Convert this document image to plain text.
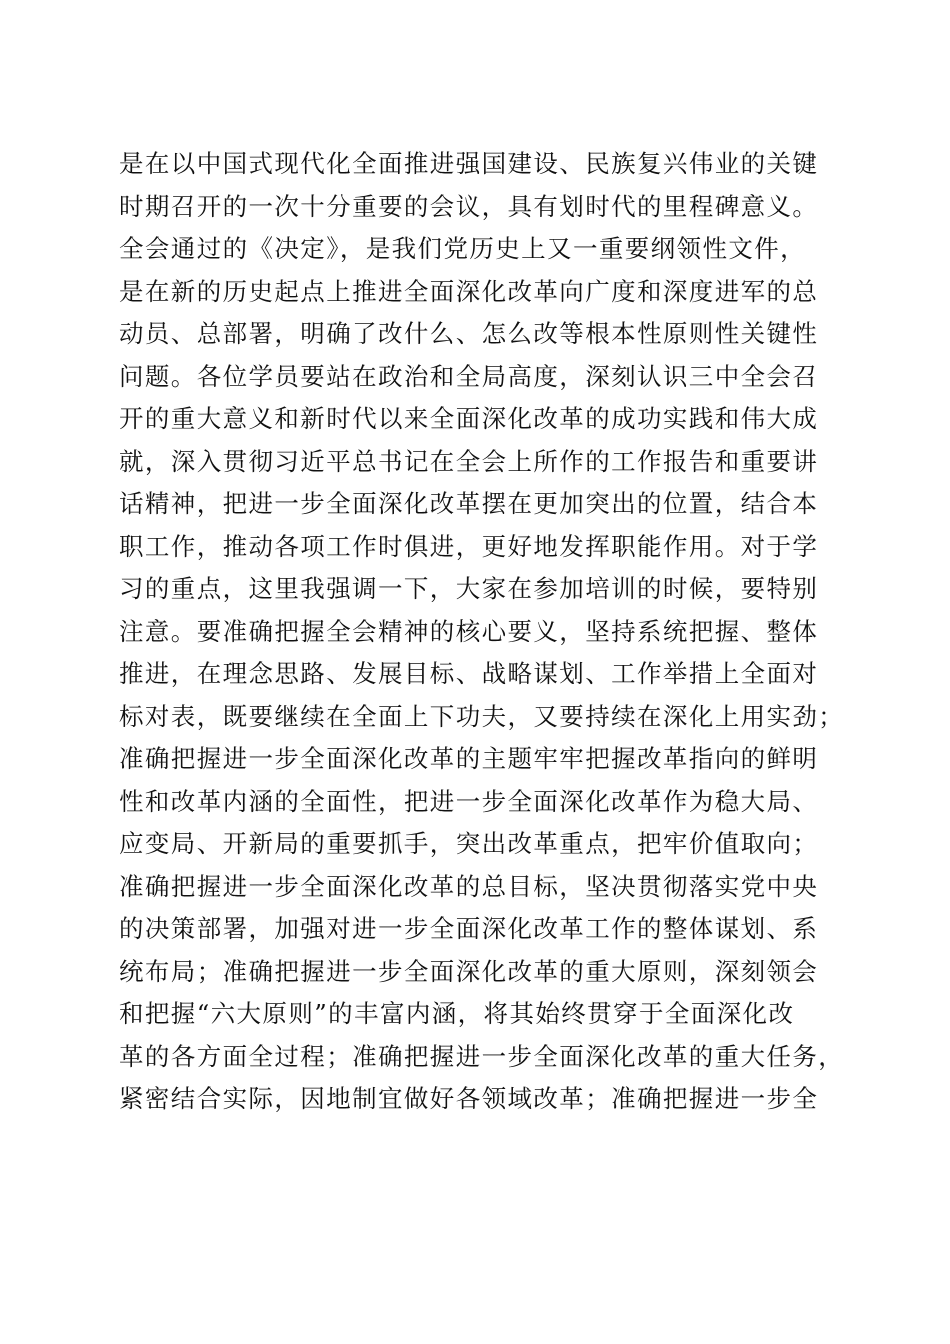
是在以中国式现代化全面推进强国建设、民族复兴伟业的关键
时期召开的一次十分重要的会议，具有划时代的里程碑意义。
全会通过的《决定》，是我们党历史上又一重要纲领性文件，
是在新的历史起点上推进全面深化改革向广度和深度进军的总
动员、总部署，明确了改什么、怎么改等根本性原则性关键性
问题。各位学员要站在政治和全局高度，深刻认识三中全会召
开的重大意义和新时代以来全面深化改革的成功实践和伟大成
就，深入贯彻习近平总书记在全会上所作的工作报告和重要讲
话精神，把进一步全面深化改革摆在更加突出的位置，结合本
职工作，推动各项工作时俱进，更好地发挥职能作用。对于学
习的重点，这里我强调一下，大家在参加培训的时候，要特别
注意。要准确把握全会精神的核心要义，坚持系统把握、整体
推进，在理念思路、发展目标、战略谋划、工作举措上全面对
标对表，既要继续在全面上下功夫，又要持续在深化上用实劲；
准确把握进一步全面深化改革的主题牢牢把握改革指向的鲜明
性和改革内涵的全面性，把进一步全面深化改革作为稳大局、
应变局、开新局的重要抓手，突出改革重点，把牢价值取向；
准确把握进一步全面深化改革的总目标，坚决贯彻落实党中央
的决策部署，加强对进一步全面深化改革工作的整体谋划、系
统布局；准确把握进一步全面深化改革的重大原则，深刻领会
和把握“六大原则”的丰富内涵，将其始终贯穿于全面深化改
革的各方面全过程；准确把握进一步全面深化改革的重大任务，
紧密结合实际，因地制宜做好各领域改革；准确把握进一步全
